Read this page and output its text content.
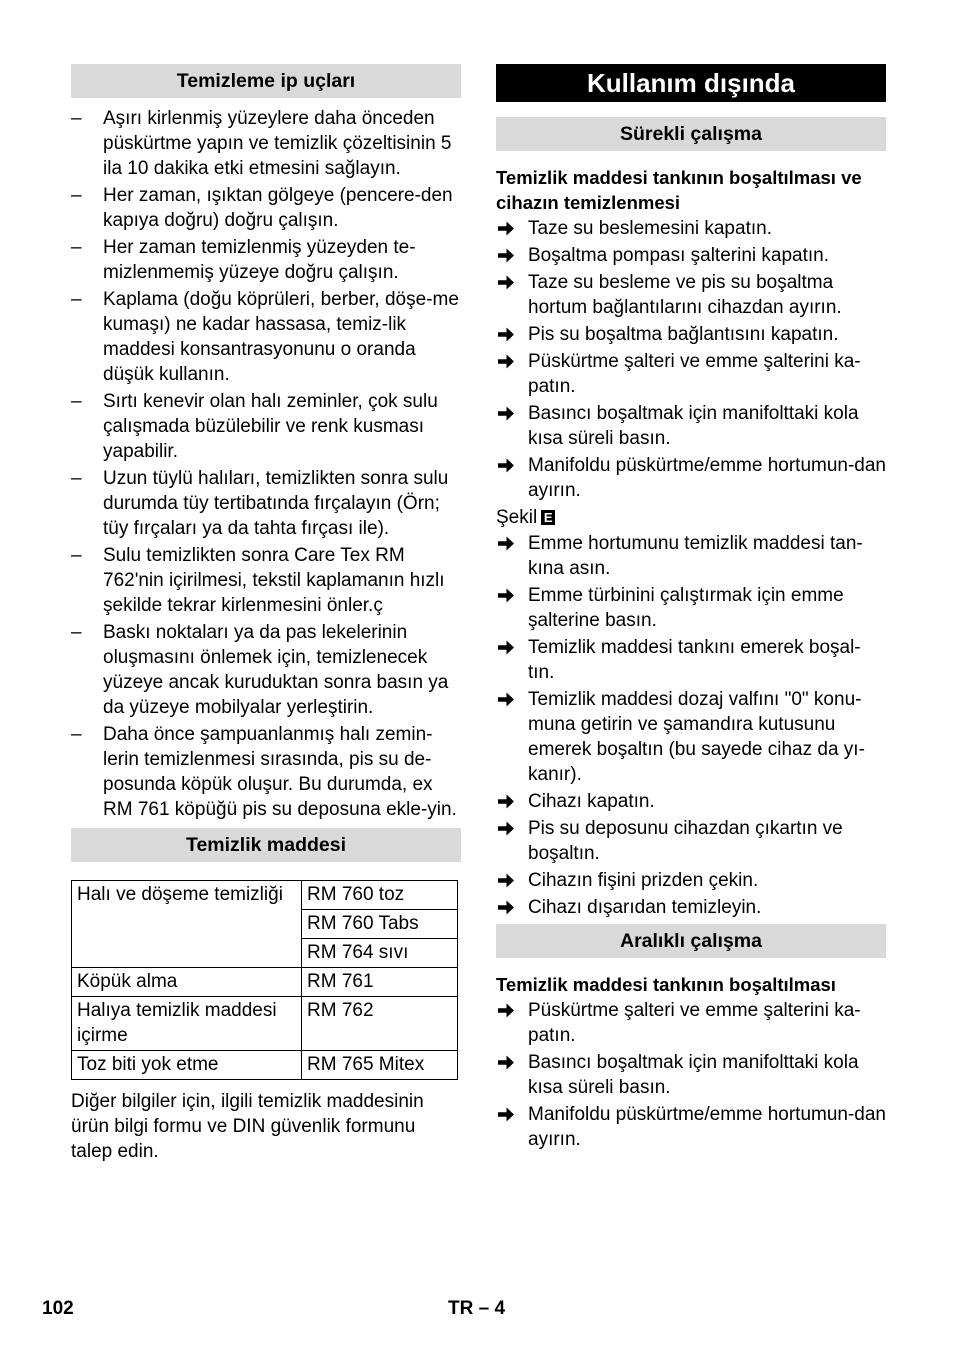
Temizleme ip uçları
– Aşırı kirlenmiş yüzeylere daha önceden püskürtme yapın ve temizlik çözeltisinin 5 ila 10 dakika etki etmesini sağlayın.
– Her zaman, ışıktan gölgeye (pencere-den kapıya doğru) doğru çalışın.
– Her zaman temizlenmiş yüzeyden te-mizlenmemiş yüzeye doğru çalışın.
– Kaplama (doğu köprüleri, berber, döşe-me kumaşı) ne kadar hassasa, temiz-lik maddesi konsantrasyonunu o oranda düşük kullanın.
– Sırtı kenevir olan halı zeminler, çok sulu çalışmada büzülebilir ve renk kusması yapabilir.
– Uzun tüylü halıları, temizlikten sonra sulu durumda tüy tertibatında fırçalayın (Örn; tüy fırçaları ya da tahta fırçası ile).
– Sulu temizlikten sonra Care Tex RM 762'nin içirilmesi, tekstil kaplamanın hızlı şekilde tekrar kirlenmesini önler.ç
– Baskı noktaları ya da pas lekelerinin oluşmasını önlemek için, temizlenecek yüzeye ancak kuruduktan sonra basın ya da yüzeye mobilyalar yerleştirin.
– Daha önce şampuanlanmış halı zemin-lerin temizlenmesi sırasında, pis su de-posunda köpük oluşur. Bu durumda, ex RM 761 köpüğü pis su deposuna ekle-yin.
Temizlik maddesi
Halı ve döşeme temizliği	RM 760 toz
	RM 760 Tabs
	RM 764 sıvı
Köpük alma	RM 761
Halıya temizlik maddesi içirme	RM 762
Toz biti yok etme	RM 765 Mitex
Diğer bilgiler için, ilgili temizlik maddesinin ürün bilgi formu ve DIN güvenlik formunu talep edin.
Kullanım dışında
Sürekli çalışma
Temizlik maddesi tankının boşaltılması ve cihazın temizlenmesi
Taze su beslemesini kapatın.
Boşaltma pompası şalterini kapatın.
Taze su besleme ve pis su boşaltma hortum bağlantılarını cihazdan ayırın.
Pis su boşaltma bağlantısını kapatın.
Püskürtme şalteri ve emme şalterini ka-patın.
Basıncı boşaltmak için manifolttaki kola kısa süreli basın.
Manifoldu püskürtme/emme hortumun-dan ayırın.
Şekil E
Emme hortumunu temizlik maddesi tan-kına asın.
Emme türbinini çalıştırmak için emme şalterine basın.
Temizlik maddesi tankını emerek boşal-tın.
Temizlik maddesi dozaj valfını "0" konu-muna getirin ve şamandıra kutusunu emerek boşaltın (bu sayede cihaz da yı-kanır).
Cihazı kapatın.
Pis su deposunu cihazdan çıkartın ve boşaltın.
Cihazın fişini prizden çekin.
Cihazı dışarıdan temizleyin.
Aralıklı çalışma
Temizlik maddesi tankının boşaltılması
Püskürtme şalteri ve emme şalterini ka-patın.
Basıncı boşaltmak için manifolttaki kola kısa süreli basın.
Manifoldu püskürtme/emme hortumun-dan ayırın.
102	TR – 4
